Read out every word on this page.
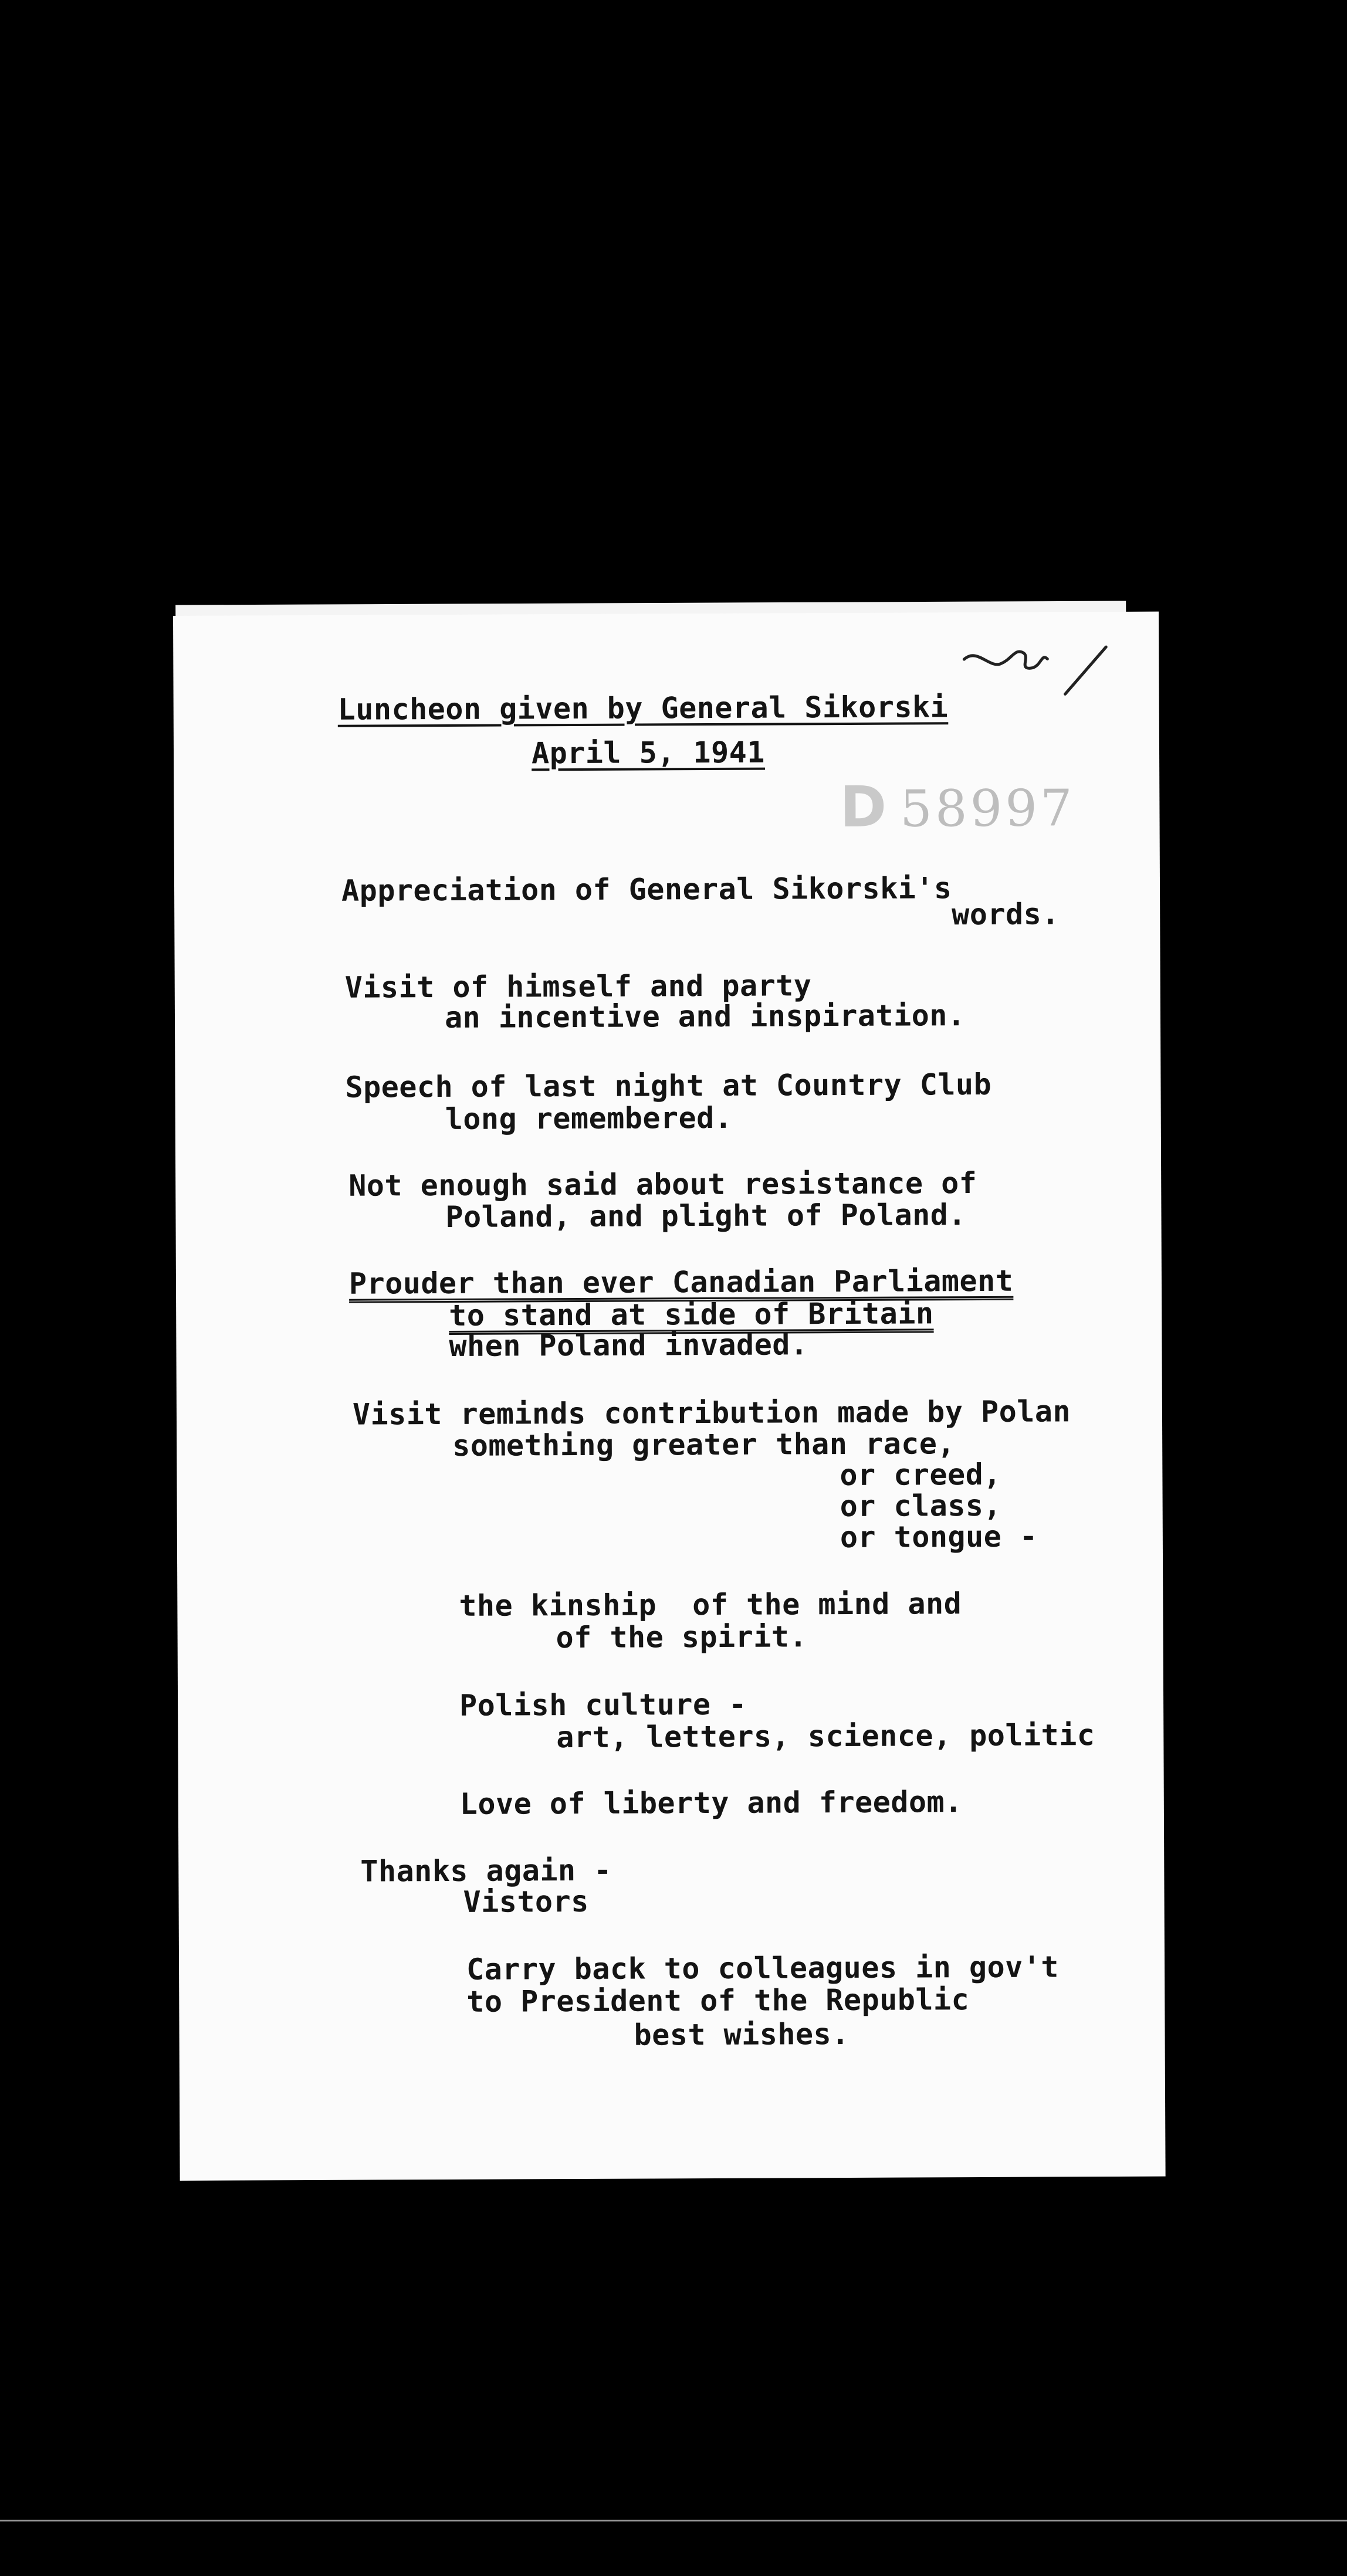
Luncheon given by General Sikorski
April 5, 1941
D 58997
Appreciation of General Sikorski's
words.
Visit of himself and party
an incentive and inspiration.
Speech of last night at Country Club
long remembered.
Not enough said about resistance of
Poland, and plight of Poland.
Prouder than ever Canadian Parliament
to stand at side of Britain
when Poland invaded.
Visit reminds contribution made by Polan
something greater than race,
or creed,
or class,
or tongue -
the kinship  of the mind and
of the spirit.
Polish culture -
art, letters, science, politic
Love of liberty and freedom.
Thanks again -
Vistors
Carry back to colleagues in gov't
to President of the Republic
best wishes.
